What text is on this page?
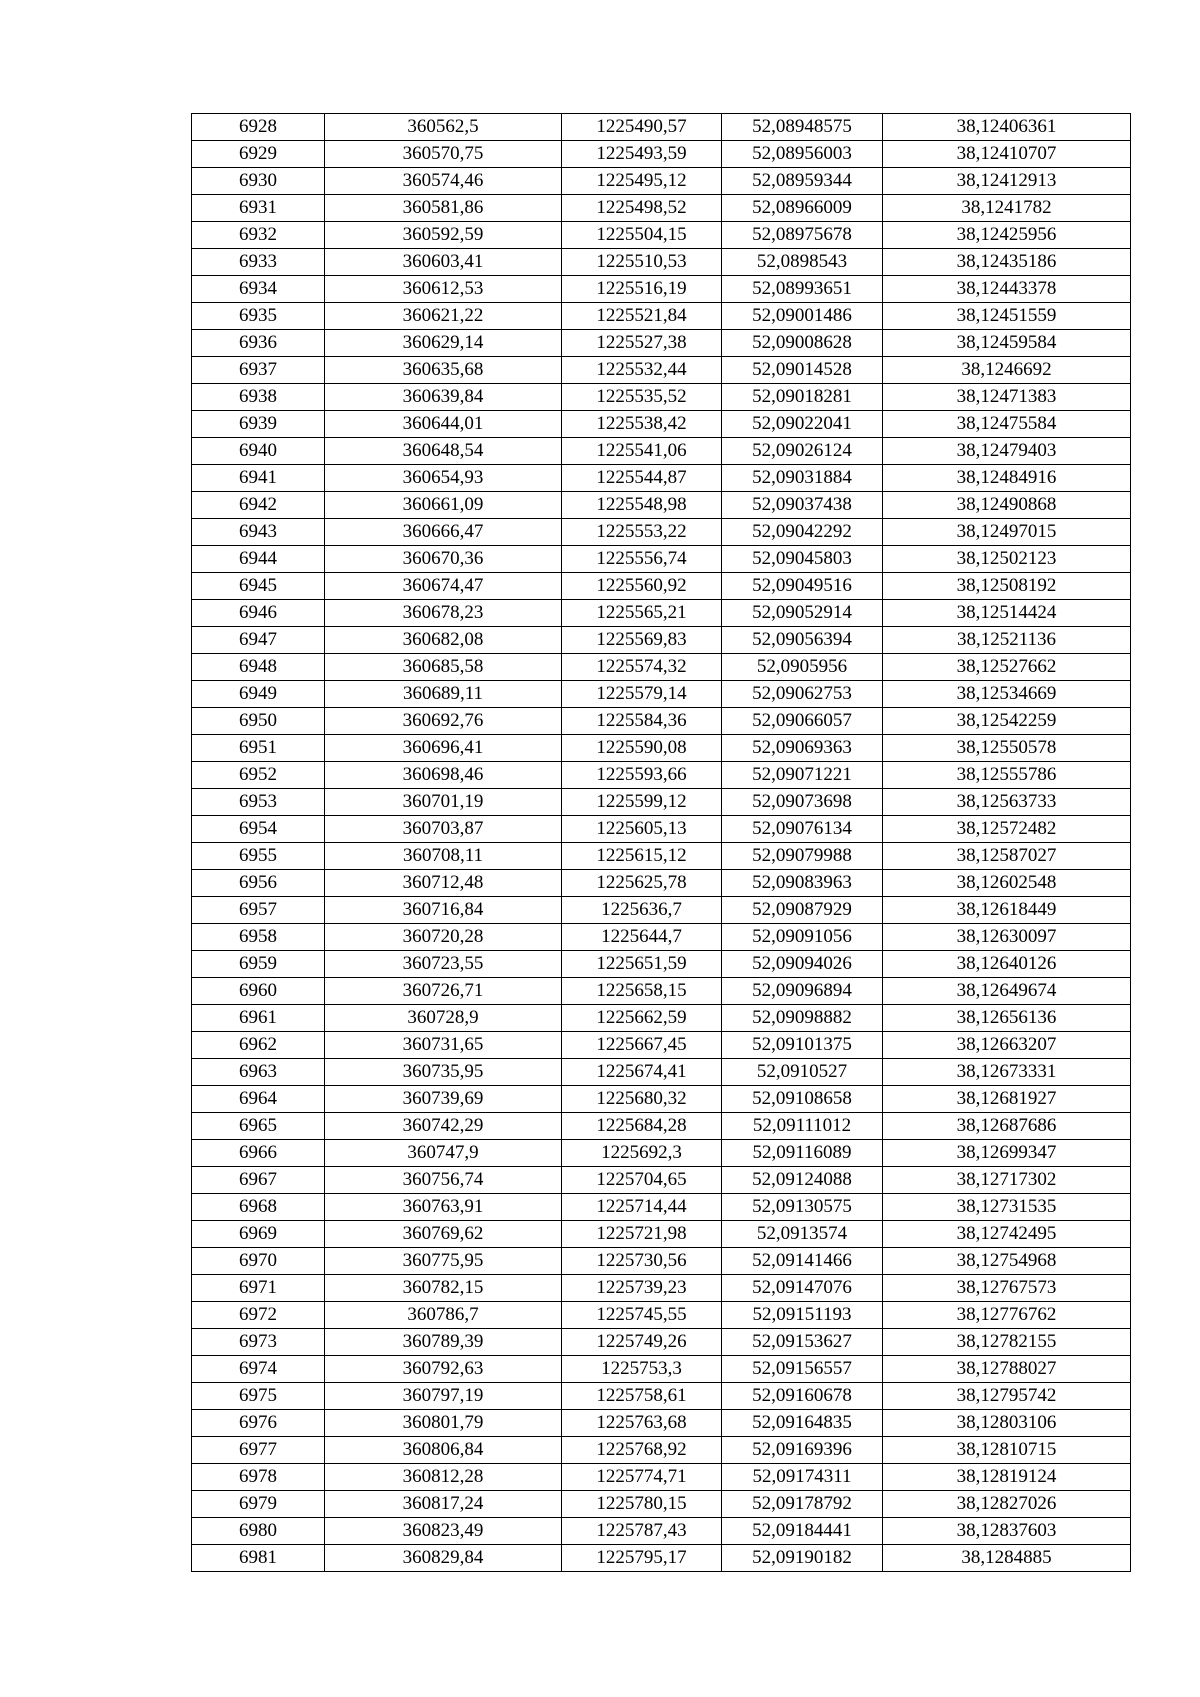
6928	360562,5	1225490,57	52,08948575	38,12406361
6929	360570,75	1225493,59	52,08956003	38,12410707
6930	360574,46	1225495,12	52,08959344	38,12412913
6931	360581,86	1225498,52	52,08966009	38,1241782
6932	360592,59	1225504,15	52,08975678	38,12425956
6933	360603,41	1225510,53	52,0898543	38,12435186
6934	360612,53	1225516,19	52,08993651	38,12443378
6935	360621,22	1225521,84	52,09001486	38,12451559
6936	360629,14	1225527,38	52,09008628	38,12459584
6937	360635,68	1225532,44	52,09014528	38,1246692
6938	360639,84	1225535,52	52,09018281	38,12471383
6939	360644,01	1225538,42	52,09022041	38,12475584
6940	360648,54	1225541,06	52,09026124	38,12479403
6941	360654,93	1225544,87	52,09031884	38,12484916
6942	360661,09	1225548,98	52,09037438	38,12490868
6943	360666,47	1225553,22	52,09042292	38,12497015
6944	360670,36	1225556,74	52,09045803	38,12502123
6945	360674,47	1225560,92	52,09049516	38,12508192
6946	360678,23	1225565,21	52,09052914	38,12514424
6947	360682,08	1225569,83	52,09056394	38,12521136
6948	360685,58	1225574,32	52,0905956	38,12527662
6949	360689,11	1225579,14	52,09062753	38,12534669
6950	360692,76	1225584,36	52,09066057	38,12542259
6951	360696,41	1225590,08	52,09069363	38,12550578
6952	360698,46	1225593,66	52,09071221	38,12555786
6953	360701,19	1225599,12	52,09073698	38,12563733
6954	360703,87	1225605,13	52,09076134	38,12572482
6955	360708,11	1225615,12	52,09079988	38,12587027
6956	360712,48	1225625,78	52,09083963	38,12602548
6957	360716,84	1225636,7	52,09087929	38,12618449
6958	360720,28	1225644,7	52,09091056	38,12630097
6959	360723,55	1225651,59	52,09094026	38,12640126
6960	360726,71	1225658,15	52,09096894	38,12649674
6961	360728,9	1225662,59	52,09098882	38,12656136
6962	360731,65	1225667,45	52,09101375	38,12663207
6963	360735,95	1225674,41	52,0910527	38,12673331
6964	360739,69	1225680,32	52,09108658	38,12681927
6965	360742,29	1225684,28	52,09111012	38,12687686
6966	360747,9	1225692,3	52,09116089	38,12699347
6967	360756,74	1225704,65	52,09124088	38,12717302
6968	360763,91	1225714,44	52,09130575	38,12731535
6969	360769,62	1225721,98	52,0913574	38,12742495
6970	360775,95	1225730,56	52,09141466	38,12754968
6971	360782,15	1225739,23	52,09147076	38,12767573
6972	360786,7	1225745,55	52,09151193	38,12776762
6973	360789,39	1225749,26	52,09153627	38,12782155
6974	360792,63	1225753,3	52,09156557	38,12788027
6975	360797,19	1225758,61	52,09160678	38,12795742
6976	360801,79	1225763,68	52,09164835	38,12803106
6977	360806,84	1225768,92	52,09169396	38,12810715
6978	360812,28	1225774,71	52,09174311	38,12819124
6979	360817,24	1225780,15	52,09178792	38,12827026
6980	360823,49	1225787,43	52,09184441	38,12837603
6981	360829,84	1225795,17	52,09190182	38,1284885
